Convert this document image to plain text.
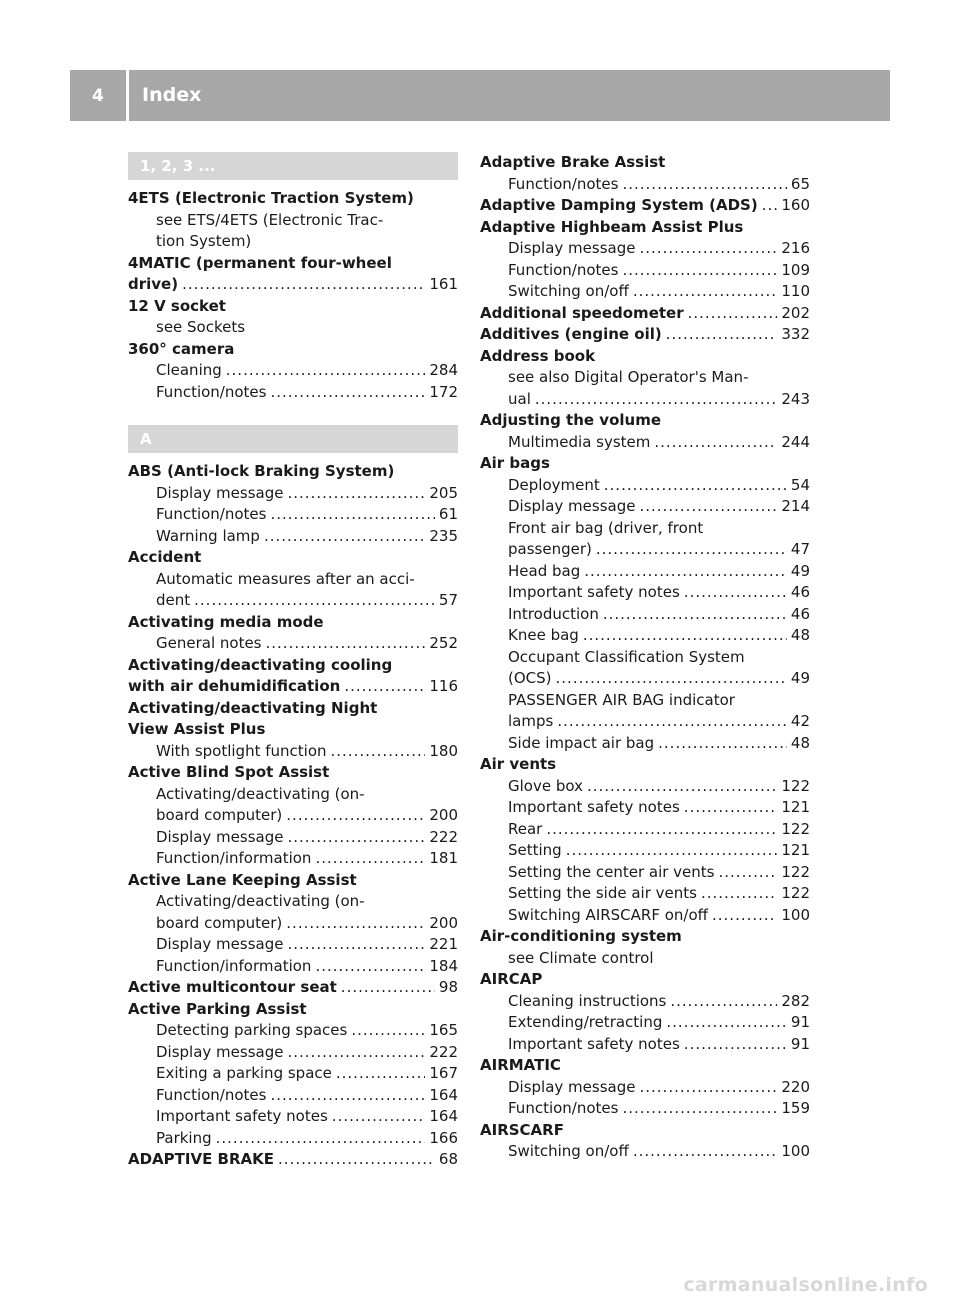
4 Index
1, 2, 3 ...
4ETS (Electronic Traction System)
see ETS/4ETS (Electronic Trac-
tion System)
4MATIC (permanent four-wheel
drive) .....	161
12 V socket
see Sockets
360° camera
Cleaning .....	284
Function/notes .....	172
A
ABS (Anti-lock Braking System)
Display message .....	205
Function/notes .....	61
Warning lamp .....	235
Accident
Automatic measures after an acci-
dent .....	57
Activating media mode
General notes .....	252
Activating/deactivating cooling
with air dehumidification .....	116
Activating/deactivating Night
View Assist Plus
With spotlight function .....	180
Active Blind Spot Assist
Activating/deactivating (on-
board computer) .....	200
Display message .....	222
Function/information .....	181
Active Lane Keeping Assist
Activating/deactivating (on-
board computer) .....	200
Display message .....	221
Function/information .....	184
Active multicontour seat .....	98
Active Parking Assist
Detecting parking spaces .....	165
Display message .....	222
Exiting a parking space .....	167
Function/notes .....	164
Important safety notes .....	164
Parking .....	166
ADAPTIVE BRAKE .....	68
Adaptive Brake Assist
Function/notes .....	65
Adaptive Damping System (ADS) ..... 160
Adaptive Highbeam Assist Plus
Display message .....	216
Function/notes .....	109
Switching on/off .....	110
Additional speedometer .....	202
Additives (engine oil) .....	332
Address book
see also Digital Operator's Man-
ual .....	243
Adjusting the volume
Multimedia system .....	244
Air bags
Deployment .....	54
Display message .....	214
Front air bag (driver, front
passenger) .....	47
Head bag .....	49
Important safety notes .....	46
Introduction .....	46
Knee bag .....	48
Occupant Classification System
(OCS) .....	49
PASSENGER AIR BAG indicator
lamps .....	42
Side impact air bag .....	48
Air vents
Glove box .....	122
Important safety notes .....	121
Rear .....	122
Setting .....	121
Setting the center air vents .....	122
Setting the side air vents .....	122
Switching AIRSCARF on/off .....	100
Air-conditioning system
see Climate control
AIRCAP
Cleaning instructions .....	282
Extending/retracting .....	91
Important safety notes .....	91
AIRMATIC
Display message .....	220
Function/notes .....	159
AIRSCARF
Switching on/off .....	100
carmanualsonline.info
